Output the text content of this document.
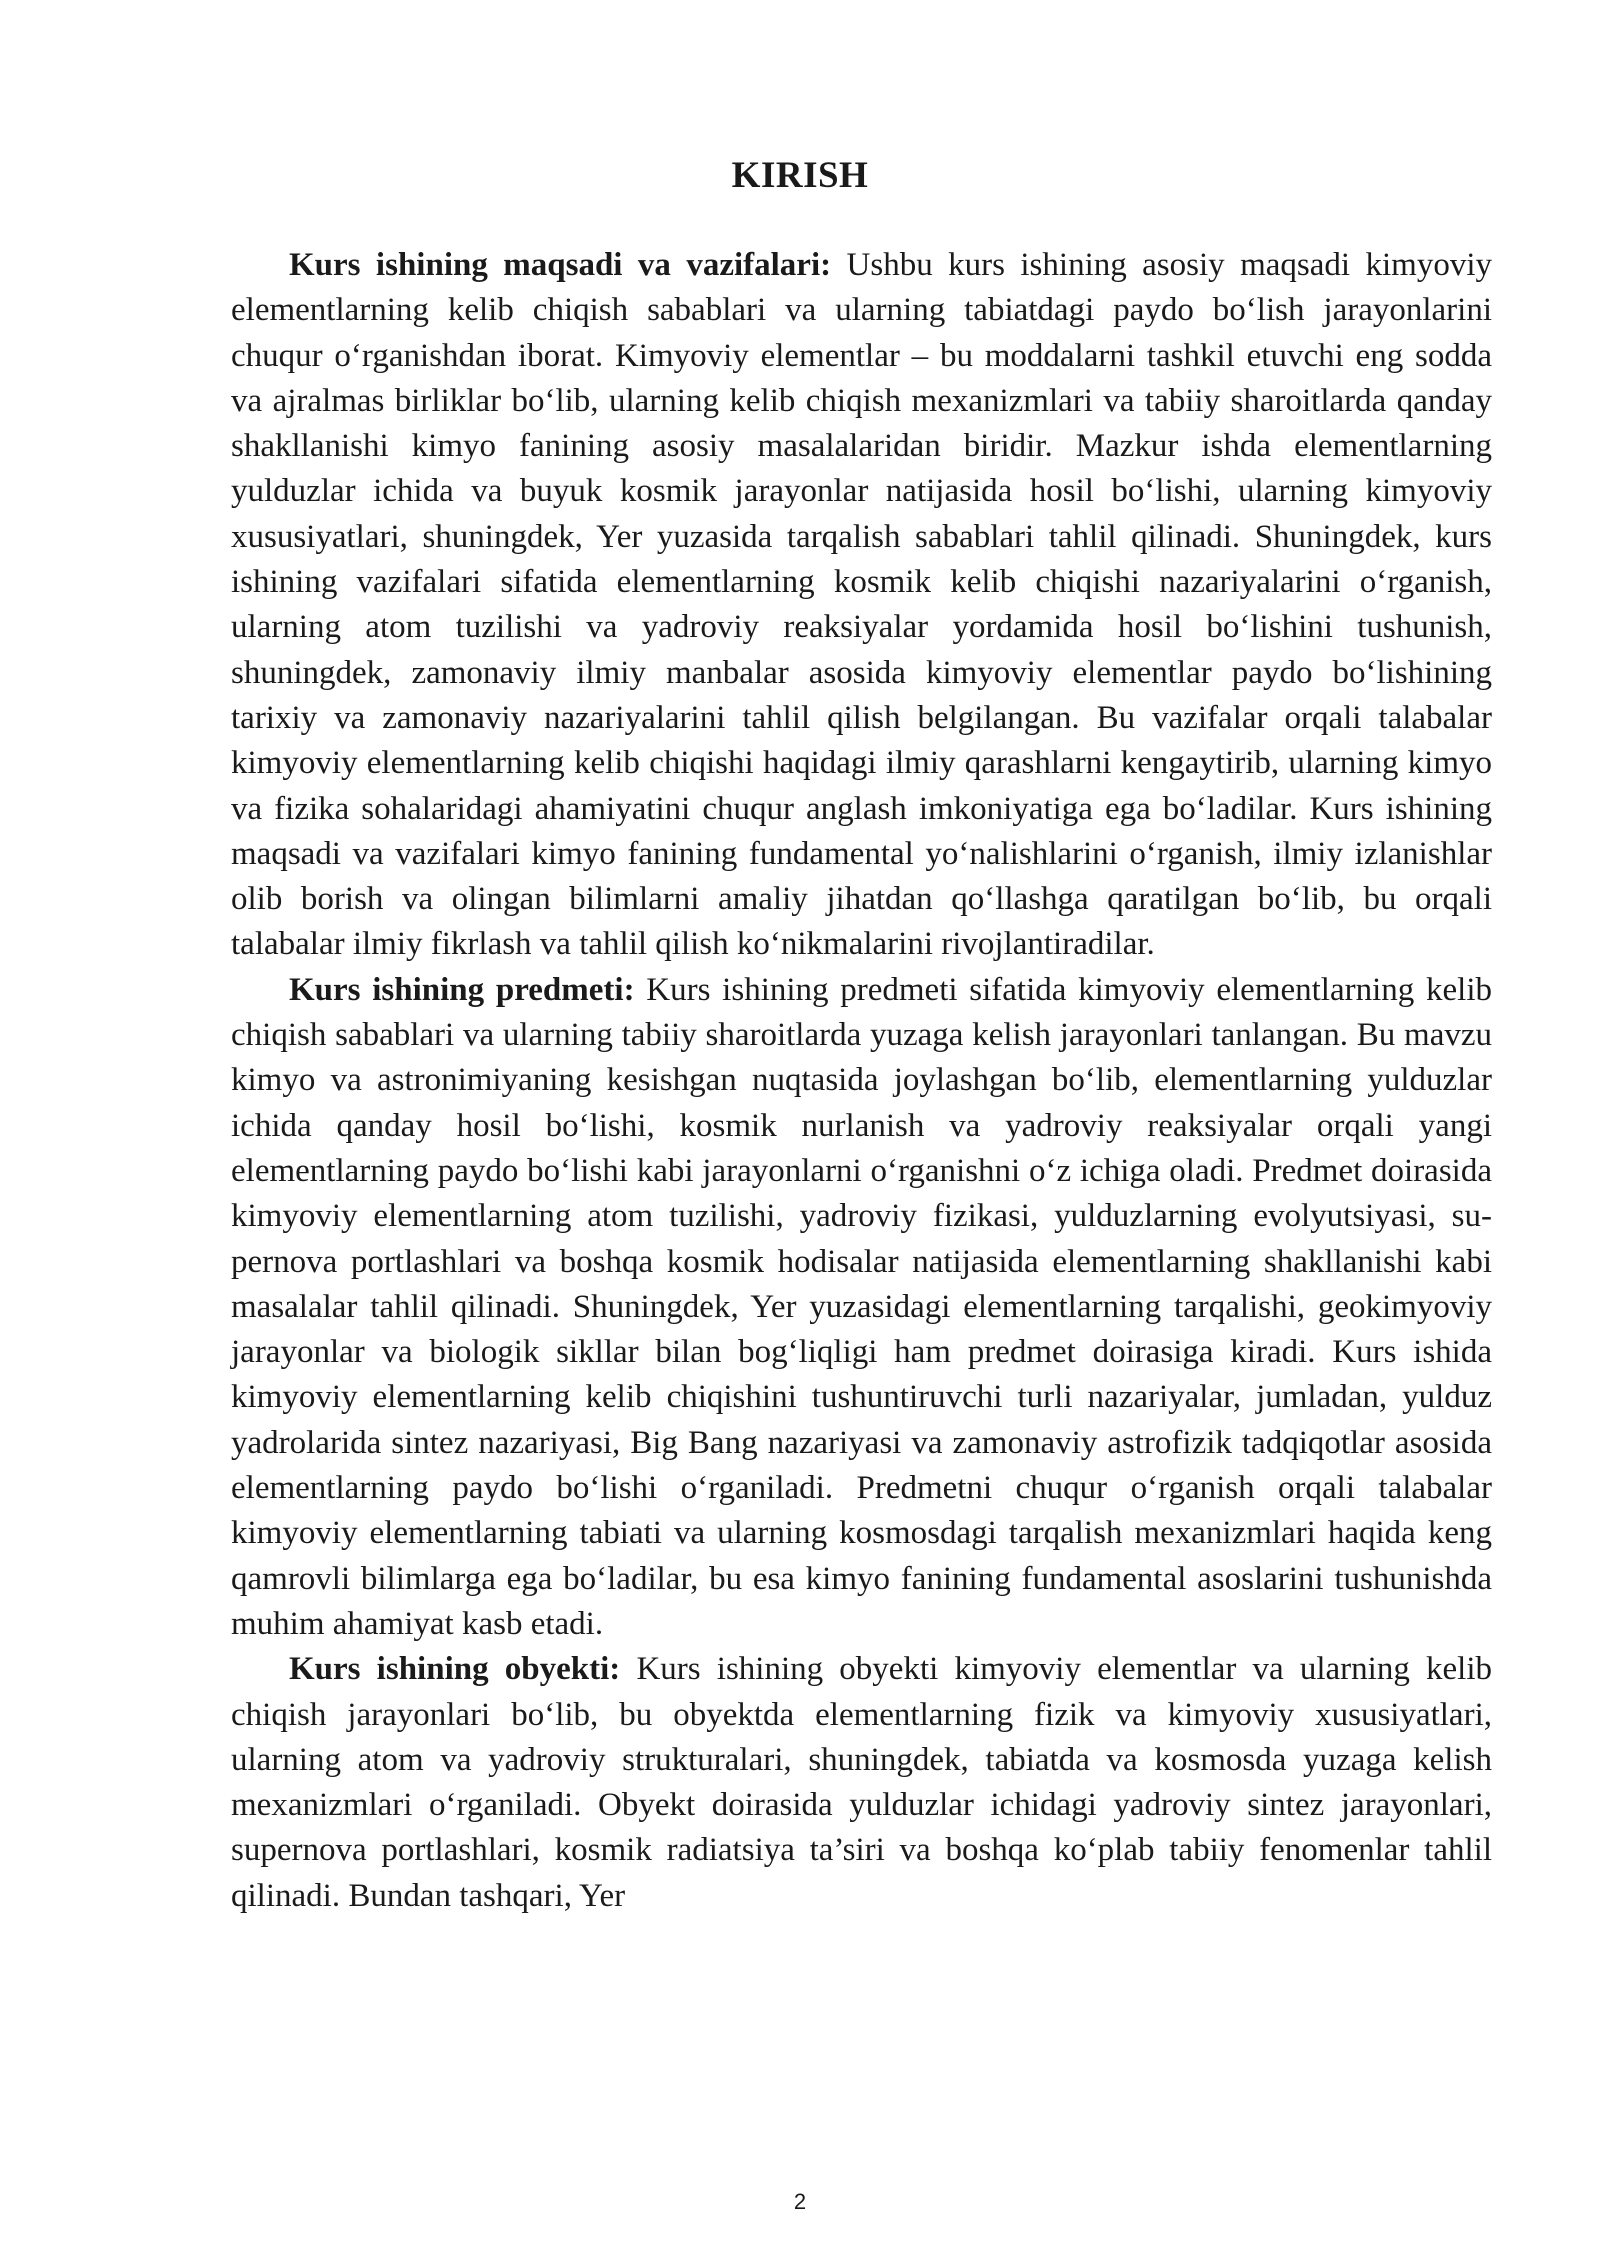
KIRISH

Kurs ishining maqsadi va vazifalari: Ushbu kurs ishining asosiy maqsadi kimyoviy elementlarning kelib chiqish sabablari va ularning tabiatdagi paydo bo‘lish jarayonlarini chuqur o‘rganishdan iborat. Kimyoviy elementlar – bu moddalarni tashkil etuvchi eng sodda va ajralmas birliklar bo‘lib, ularning kelib chiqish mexanizmlari va tabiiy sharoitlarda qanday shakllanishi kimyo fanining asosiy masalalaridan biridir. Mazkur ishda elementlarning yulduzlar ichida va buyuk kosmik jarayonlar natijasida hosil bo‘lishi, ularning kimyoviy xususiyatlari, shuningdek, Yer yuzasida tarqalish sabablari tahlil qilinadi. Shuningdek, kurs ishining vazifalari sifatida elementlarning kosmik kelib chiqishi nazariyalarini o‘rganish, ularning atom tuzilishi va yadroviy reaksiyalar yordamida hosil bo‘lishini tushunish, shuningdek, zamonaviy ilmiy manbalar asosida kimyoviy elementlar paydo bo‘lishining tarixiy va zamonaviy nazariyalarini tahlil qilish belgilangan. Bu vazifalar orqali talabalar kimyoviy elementlarning kelib chiqishi haqidagi ilmiy qarashlarni kengaytirib, ularning kimyo va fizika sohalaridagi ahamiyatini chuqur anglash imkoniyatiga ega bo‘ladilar. Kurs ishining maqsadi va vazifalari kimyo fanining fundamental yo‘nalishlarini o‘rganish, ilmiy izlanishlar olib borish va olingan bilimlarni amaliy jihatdan qo‘llashga qaratilgan bo‘lib, bu orqali talabalar ilmiy fikrlash va tahlil qilish ko‘nikmalarini rivojlantiradilar.

Kurs ishining predmeti: Kurs ishining predmeti sifatida kimyoviy elementlarning kelib chiqish sabablari va ularning tabiiy sharoitlarda yuzaga kelish jarayonlari tanlangan. Bu mavzu kimyo va astronimiyaning kesishgan nuqtasida joylashgan bo‘lib, elementlarning yulduzlar ichida qanday hosil bo‘lishi, kosmik nurlanish va yadroviy reaksiyalar orqali yangi elementlarning paydo bo‘lishi kabi jarayonlarni o‘rganishni o‘z ichiga oladi. Predmet doirasida kimyoviy elementlarning atom tuzilishi, yadroviy fizikasi, yulduzlarning evolyutsiyasi, supernova portlashlari va boshqa kosmik hodisalar natijasida elementlarning shakllanishi kabi masalalar tahlil qilinadi. Shuningdek, Yer yuzasidagi elementlarning tarqalishi, geokimyoviy jarayonlar va biologik sikllar bilan bog‘liqligi ham predmet doirasiga kiradi. Kurs ishida kimyoviy elementlarning kelib chiqishini tushuntiruvchi turli nazariyalar, jumladan, yulduz yadrolarida sintez nazariyasi, Big Bang nazariyasi va zamonaviy astrofizik tadqiqotlar asosida elementlarning paydo bo‘lishi o‘rganiladi. Predmetni chuqur o‘rganish orqali talabalar kimyoviy elementlarning tabiati va ularning kosmosdagi tarqalish mexanizmlari haqida keng qamrovli bilimlarga ega bo‘ladilar, bu esa kimyo fanining fundamental asoslarini tushunishda muhim ahamiyat kasb etadi.

Kurs ishining obyekti: Kurs ishining obyekti kimyoviy elementlar va ularning kelib chiqish jarayonlari bo‘lib, bu obyektda elementlarning fizik va kimyoviy xususiyatlari, ularning atom va yadroviy strukturalari, shuningdek, tabiatda va kosmosda yuzaga kelish mexanizmlari o‘rganiladi. Obyekt doirasida yulduzlar ichidagi yadroviy sintez jarayonlari, supernova portlashlari, kosmik radiatsiya ta’siri va boshqa ko‘plab tabiiy fenomenlar tahlil qilinadi. Bundan tashqari, Yer

2
